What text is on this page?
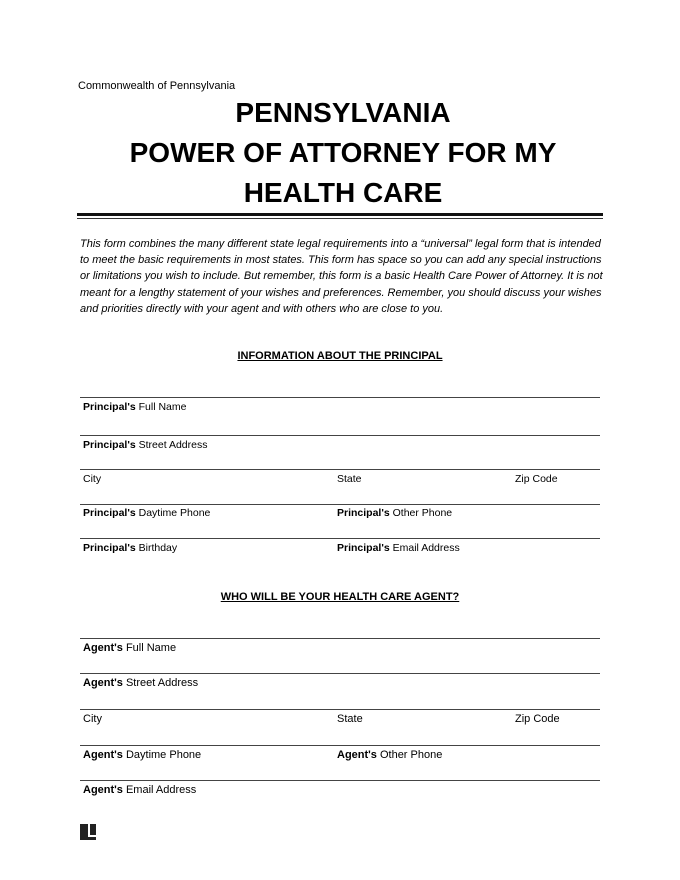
Commonwealth of Pennsylvania
PENNSYLVANIA
POWER OF ATTORNEY FOR MY
HEALTH CARE
This form combines the many different state legal requirements into a “universal” legal form that is intended to meet the basic requirements in most states. This form has space so you can add any special instructions or limitations you wish to include. But remember, this form is a basic Health Care Power of Attorney. It is not meant for a lengthy statement of your wishes and preferences. Remember, you should discuss your wishes and priorities directly with your agent and with others who are close to you.
INFORMATION ABOUT THE PRINCIPAL
Principal's Full Name
Principal's Street Address
City	State	Zip Code
Principal's Daytime Phone	Principal's Other Phone
Principal's Birthday	Principal's Email Address
WHO WILL BE YOUR HEALTH CARE AGENT?
Agent's Full Name
Agent's Street Address
City	State	Zip Code
Agent's Daytime Phone	Agent's Other Phone
Agent's Email Address
